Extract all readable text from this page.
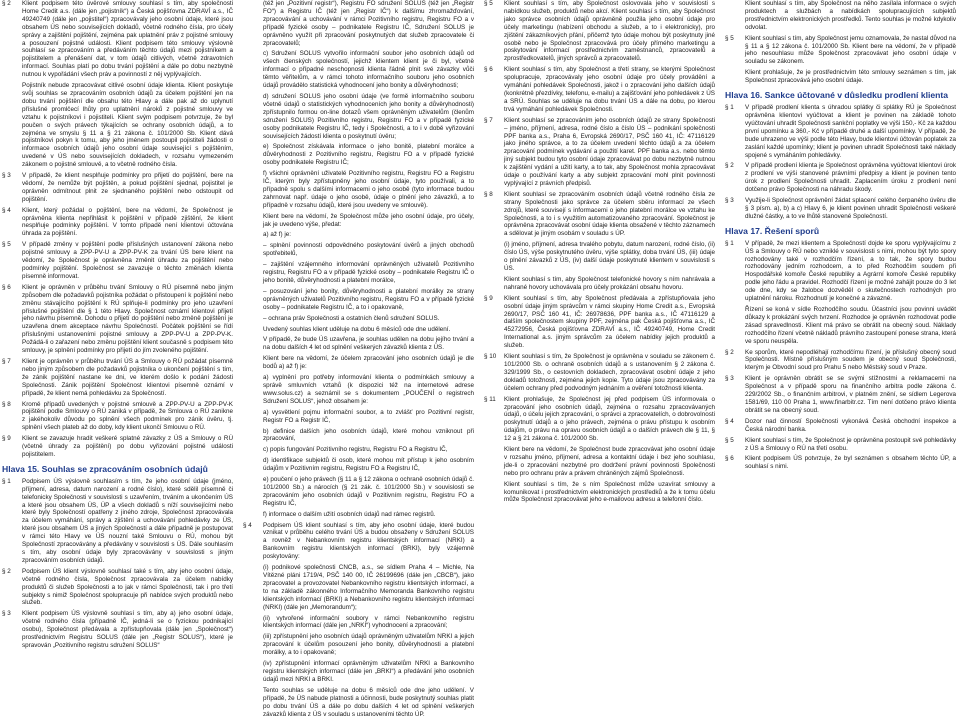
§ 2	Klient podpisem této úvěrové smlouvy souhlasí s tím, aby společnosti Home Credit a.s. (dále jen „pojistník“) a Česká pojišťovna ZDRAVÍ a.s., IČ 49240749 (dále jen „pojistitel“) zpracovávaly jeho osobní údaje, které jsou obsahem ÚS nebo souvisejících dokladů, včetně rodného čísla, pro účely správy a zajištění pojištění, zejména pak uplatnění práv z pojistné smlouvy a posouzení pojistné události. Klient podpisem této smlouvy výslovně souhlasí se zpracováním a předáváním těchto údajů mezi pojistníkem a pojistitelem a přenášení dat, v tom údajů citlivých, včetně zdravotních informací. Souhlas platí po dobu trvání pojištění a dále po dobu nezbytně nutnou k vypořádání všech práv a povinností z něj vyplývajících.
Pojistník nebude zpracovávat citlivé osobní údaje klienta. Klient poskytuje svůj souhlas se zpracováním osobních údajů za účelem pojištění jen na dobu trvání pojištění dle obsahu této Hlavy a dále pak až do uplynutí příslušné promlčecí lhůty pro uplatnění nároků z pojistné smlouvy ve vztahu k pojistníkovi i pojistiteli. Klient svým podpisem potvrzuje, že byl poučen o svých právech týkajících se ochrany osobních údajů, a to zejména ve smyslu § 11 a § 21 zákona č. 101/2000 Sb. Klient dává pojistníkovi pokyn k tomu, aby jeho jménem postoupil pojistiteli žádosti o informace osobních údajů jeho osobní údaje související s pojištěním, uvedené v ÚS nebo souvisejících dokladech, v rozsahu vymezeném zákonem o pojistné smlouvě, a to včetně rodného čísla.
§ 3	V případě, že klient nesplňuje podmínky pro přijetí do pojištění, bere na vědomí, že nemůže být pojištěn, a pokud pojištění sjednal, pojistitel je oprávněn odmítnout plnit ze sjednaného pojištění nebo odstoupit od pojištění.
§ 4	Klient, který požádal o pojištění, bere na vědomí, že Společnost je oprávněna klienta nepřihlásit k pojištění v případě zjištění, že klient nesplňuje podmínky pojištění. V tomto případě není klientovi účtována úhrada za pojištění.
§ 5	V případě změny v pojištění podle příslušných ustanovení zákona nebo pojistné smlouvy a ZPP-PV-U a ZPP-PV-K za trvání ÚS bere klient na vědomí, že Společnost je oprávněna změnit úhradu za pojištění nebo podmínky pojištění. Společnost se zavazuje o těchto změnách klienta písemně informovat.
§ 6	Klient je oprávněn v průběhu trvání Smlouvy o RÚ písemně nebo jiným způsobem dle požadavků pojistníka požádat o přistoupení k pojištění nebo změnu stávajícího pojištění k RÚ splňuje-li podmínky pro jeho uzavření příslušné pojištění dle § 1 této Hlavy. Společnost oznámí klientovi přijetí jeho návrhu písemně. Dohodu o přijetí do pojištění nebo změně pojištění je uzavřena dnem akceptace návrhu Společností. Počátek pojištění se řídí příslušnými ustanoveními pojistné smlouvy a ZPP-PV-U a ZPP-PV-K. Požádá-li o zařazení nebo změnu pojištění klient současně s podpisem této smlouvy, je splnění podmínky pro přijetí do jím zvoleného pojištění.
§ 7	Klient je oprávněn v průběhu trvání ÚS a Smlouvy o RÚ požádat písemně nebo jiným způsobem dle požadavků pojistníka o ukončení pojištění s tím, že zánik pojištění nastane ke dni, ve kterém došlo k podání žádosti Společnosti. Zánik pojištění Společnost klientovi písemně oznámí v případě, že klient nemá pohledávku za Společností.
§ 8	Kromě případů uvedených v pojistné smlouvě a ZPP-PV-U a ZPP-PV-K pojištění podle Smlouvy o RÚ zaniká v případě, že Smlouva o RÚ zanikne z jakéhokoliv důvodu po splnění všech podmínek pro zánik úvěru, tj. splnění všech plateb až do doby, kdy klient ukončí Smlouvu o RÚ.
§ 9	Klient se zavazuje hradit veškeré splatné závazky z ÚS a Smlouvy o RÚ (včetně úhrady za pojištění) po dobu vyřizování pojistné události pojistitelem.
Hlava 15. Souhlas se zpracováním osobních údajů
§ 1	Podpisem ÚS výslovně souhlasím s tím, že jeho osobní údaje (jméno, příjmení, adresa, datum narození a rodné číslo), které sdělil písemně či telefonicky Společnosti v souvislosti s uzavřením, trváním a ukončením ÚS a které jsou obsahem ÚS, ÚP a všech dokladů s níží souvisejícími nebo které byly Společností opatřeny z jiného zdroje, Společnost zpracovávala za účelem vymáhání, správy a zjištění a uchovávání pohledávky ze ÚS, které jsou obsahem ÚS a jiných Společností a dále případně je postupovat v rámci této Hlavy ve ÚS nouzní také Smlouvu o RÚ, mohou být Společností zpracovávány a předávány v souvislosti s ÚS. Dále souhlasím s tím, aby osobní údaje byly zpracovávány v souvislosti s jiným zpracováním osobních údajů.
§ 2	Podpisem ÚS klient výslovně souhlasí také s tím, aby jeho osobní údaje, včetně rodného čísla, Společnost zpracovávala za účelem nabídky produktů či služeb Společnosti a to jak v rámci Společnosti, tak i pro třetí subjekty s nimiž Společnost spolupracuje při nabídce svých produktů nebo služeb.
§ 3	Klient podpisem ÚS výslovně souhlasí s tím, aby a) jeho osobní údaje, včetně rodného čísla (případně IČ, jedná-li se o fyzickou podnikající osobu), Společnost předávala a zpřístupňovala (dále jen „Společnost“) prostřednictvím Registru SOLUS (dále jen „Registr SOLUS“), které je spravován „Pozitivního registru sdružení SOLUS“
(též jen „Pozitivní registr“), Registru FO sdružení SOLUS (též jen „Registr FO“) a Registru IČ (též jen „Registr IČ“) k dalšímu zhromažďování, zpracovávání a uchovávání v rámci Pozitivního registru, Registru FO a v případě fyzické osoby – podnikatele Registru IČ, Sdružení SOLUS je oprávněno využít při zpracování poskytnutých dat služeb zpracovatele či zpracovatelů;
c) Sdružení SOLUS vytvořilo informační soubor jeho osobních údajů od všech členských společností, jejichž klientem klient je či byl, včetně informací o případné neschopnosti klienta řádně plnit své závazky vůči těmto věřitelům, a v rámci tohoto informačního souboru jeho osobních údajů provádělo statistická vyhodnocení jeho bonity a důvěryhodnosti;
d) sdružení SOLUS jeho osobní údaje (ve formě informačního souboru včetně údajů o statistických vyhodnoceních jeho bonity a důvěryhodnosti) zpřístupnilo formou on-line dotazů všem oprávněným uživatelům (členům sdružení SOLUS) Pozitivního registru, Registru FO a v případě fyzické osoby podnikatele Registru IČ, tedy i Společnosti, a to i v době vyřizování souvisejících žádostí klienta o poskytnutí úvěru;
e) Společnost získávala informace o jeho bonitě, platební morálce a důvěryhodnosti z Pozitivního registru, Registru FO a v případě fyzické osoby podnikatele Registru IČ;
f) všichni oprávnění uživatelé Pozitivního registru, Registru FO a Registru IČ, kterým byly zpřístupněny jeho osobní údaje, tyto používali, a to případně spolu s dalšími informacemi o jeho osobě (tyto informace budou zahrnovat např. údaje o jeho osobě, údaje o plnění jeho závazků, a to případně v rozsahu údajů, které jsou uvedeny ve smlouvě).
Klient bere na vědomí, že Společnost může jeho osobní údaje, pro účely, jak je uvedeno výše, předat:
a) až f) je:
– splnění povinnosti odpovědného poskytování úvěrů a jiných obchodů spotřebitelů,
– zajištění vzájemného informování oprávněných uživatelů Pozitivního registru, Registru FO a v případě fyzické osoby – podnikatele Registru IČ o jeho bonitě, důvěryhodnosti a platební morálce,
– posuzování jeho bonity, důvěryhodnosti a platební morálky ze strany oprávněných uživatelů Pozitivního registru, Registru FO a v případě fyzické osoby – podnikatele Registru IČ, a to i opakovaně,
– ochrana práv Společnosti a ostatních členů sdružení SOLUS.
Uvedený souhlas klient uděluje na dobu 6 měsíců ode dne udělení.
V případě, že bude ÚS uzavřena, je souhlas udělen na dobu jejího trvání a na dobu dalších 4 let od splnění veškerých závazků klienta z ÚS.
Klient bere na vědomí, že účelem zpracování jeho osobních údajů je dle bodů a) až f) je:
a) vyplnění pro potřeby informování klienta o podmínkách smlouvy a správě smluvních vztahů (k dispozici též na internetové adrese www.solus.cz) a seznámil se s dokumentem „POUČENÍ o registrech Sdružení SOLUS“, jehož obsahem je:
a) vysvětlení pojmu informační soubor, a to zvlášť pro Pozitivní registr, Registr FO a Registr IČ,
b) definice dalších jeho osobních údajů, které mohou vzniknout při zpracování,
c) popis fungování Pozitivního registru, Registru FO a Registru IČ,
d) identifikace subjektů či osob, které mohou mít přístup k jeho osobním údajům v Pozitivním registru, Registru FO a Registru IČ,
e) poučení o jeho právech (§ 11 a § 12 zákona o ochraně osobních údajů č. 101/2000 Sb.) a nárocích (§ 21 zák. č. 101/2000 Sb.) v souvislosti se zpracováním jeho osobních údajů v Pozitivním registru, Registru FO a Registru IČ,
f) informace o dalším užití osobních údajů nad rámec registrů.
§ 4	Podpisem ÚS klient souhlasí s tím, aby jeho osobní údaje, které budou vznikat v průběhu celého trvání ÚS a budou obsaženy v Sdružení SOLUS a rovněž v Nebankovním registru klientských informací (NRKI) a Bankovním registru klientských informací (BRKI), byly vzájemně poskytovány:
(i) podnikové společnosti CNCB, a.s., se sídlem Praha 4 – Michle, Na Vítězné pláni 1719/4, PSČ 140 00, IČ 26199696 (dále jen „CBCB“), jako zpracovatel a provozovatel Nebankovního registru klientských informací, a to na základě zákonného Informačního Memoranda Bankovního registru klientských informací (BRKI) a Nebankovního registru klientských informací (NRKI) (dále jen „Memorandum“);
(ii) vytvořené informační soubory v rámci Nebankovního registru klientských informací (dále jen „NRKI“) vyhodnocení a zpracování;
(iii) zpřístupnění jeho osobních údajů oprávněným uživatelům NRKI a jejich zpracování k účelům posouzení jeho bonity, důvěryhodnosti a platební morálky, a to i opakovaně;
(iv) zpřístupnění informací oprávněným uživatelům NRKI a Bankovního registru klientských informací (dále jen „BRKI“) a předávání jeho osobních údajů mezi NRKI a BRKI.
Tento souhlas se uděluje na dobu 6 měsíců ode dne jeho udělení. V případě, že ÚS nabude platnosti a účinnosti, bude poskytnutý souhlas platit po dobu trvání ÚS a dále po dobu dalších 4 let od splnění veškerých závazků klienta z ÚS v souladu s ustanoveními těchto ÚP.
§ 5	Klient souhlasí s tím, aby Společnost oslovovala jeho v souvislosti s nabídkou služeb, produktů nebo akcí. Klient souhlasí s tím, aby Společnost jako správce osobních údajů oprávněně použila jeho osobní údaje pro účely marketingu (nabízení obchodu a služeb, a to i elektronicky), pro zjištění zákazníkových přání, přičemž tyto údaje mohou být poskytnuty jiné osobě nebo je Společnost zpracovává pro účely přímého marketingu a poskytování informací prostřednictvím zaměstnanců, zpracovatelů a zprostředkovatelů, jiných správců a zpracovatelů.
§ 6	Klient souhlasí s tím, aby Společnost a třetí strany, se kterými Společnost spolupracuje, zpracovávaly jeho osobní údaje pro účely provádění a vymáhání pohledávek Společnosti, jakož i o zpracování jeho dalších údajů (konkrétně přezdívky, telefonu, e-mailu) a zajišťování jeho pohledávek z ÚS a SRÚ. Souhlas se uděluje na dobu trvání ÚS a dále na dobu, po kterou trvá vymáhání pohledávek Společnosti.
§ 7	Klient souhlasí se zpracováním jeho osobních údajů ze strany Společnosti – jméno, příjmení, adresa, rodné číslo a číslo ÚS – podnikání společnosti PPF banka a.s., Praha 6, Evropská 2690/17, PSČ 160 41, IČ: 47116129 jako jiného správce, a to za účelem uvedení těchto údajů a za účelem zpracování podmínek vydávání a použití karet. PPF banka a.s. nebo těmto jiný subjekt budou tyto osobní údaje zpracovávat po dobu nezbytně nutnou k zajištění vydání a užití karty, a to tak, aby Společnost mohla zpracovávat údaje o používání karty a aby subjekt zpracování mohl plnit povinnosti vyplývající z právních předpisů.
§ 8	Klient souhlasí se zpracováním osobních údajů včetně rodného čísla ze strany Společnosti jako správce za účelem sběru informací ze všech zdrojů, které souvisejí s informacemi o jeho platební morálce ve vztahu ke Společnosti, a to i s využitím automatizovaného zpracování. Společnost je oprávněna zpracovávat osobní údaje klienta obsažené v těchto záznamech a sdělovat je jiným osobám v souladu s ÚP.
(i) jméno, příjmení, adresa trvalého pobytu, datum narození, rodné číslo, (ii) číslo ÚS, výše poskytnutého úvěru, výše splátky, doba trvání ÚS, (iii) údaje o plnění závazků z ÚS, (iv) další údaje poskytnuté klientem v souvislosti s ÚS.
Klient souhlasí s tím, aby Společnost telefonické hovory s ním nahrávala a nahrané hovory uchovávala pro účely prokázání obsahu hovoru.
§ 9	Klient souhlasí s tím, aby Společnost předávala a zpřístupňovala jeho osobní údaje jiným správcům v rámci skupiny Home Credit a.s., Evropská 2690/17, PSČ 160 41, IČ: 26978636, PPF banka a.s., IČ 47116129 a dalším společnostem skupiny PPF, zejména pak Česká pojišťovna a.s., IČ 45272956, Česká pojišťovna ZDRAVÍ a.s., IČ 49240749, Home Credit International a.s. jiným správcům za účelem nabídky jejich produktů a služeb.
§ 10	Klient souhlasí s tím, že Společnost je oprávněna v souladu se zákonem č. 101/2000 Sb. o ochraně osobních údajů a s ustanovením § 2 zákona č. 329/1999 Sb., o cestovních dokladech, zpracovávat osobní údaje z jeho dokladů totožnosti, zejména jejich kopie. Tyto údaje jsou zpracovávány za účelem ochrany před podvodným jednáním a ověření totožnosti klienta.
§ 11	Klient prohlašuje, že Společnost jej před podpisem ÚS informovala o zpracování jeho osobních údajů, zejména o rozsahu zpracovávaných údajů, o účelu jejich zpracování, o správci a zpracovatelích, o dobrovolnosti poskytnutí údajů a o jeho právech, zejména o právu přístupu k osobním údajům, o právu na opravu osobních údajů a o dalších právech dle § 11, § 12 a § 21 zákona č. 101/2000 Sb.
Klient bere na vědomí, že Společnost bude zpracovávat jeho osobní údaje v rozsahu jméno, příjmení, adresa a kontaktní údaje i bez jeho souhlasu, jde-li o zpracování nezbytné pro dodržení právní povinnosti Společnosti nebo pro ochranu práv a právem chráněných zájmů Společnosti.
Klient souhlasí s tím, že s ním Společnost může uzavírat smlouvy a komunikovat i prostřednictvím elektronických prostředků a že k tomu účelu může Společnost zpracovávat jeho e-mailovou adresu a telefonní číslo.
Klient souhlasí s tím, aby Společnost na něho zasílala informace o svých produktech a službách a nabídkách spolupracujících subjektů prostřednictvím elektronických prostředků. Tento souhlas je možné kdykoliv odvolat.
§ 5	Klient souhlasí s tím, aby Společnost jemu oznamovala, že nastal důvod na § 11 a § 12 zákona č. 101/2000 Sb. Klient bere na vědomí, že v případě jeho nesouhlasu může Společnost zpracovávat jeho osobní údaje v souladu se zákonem.
Klient prohlašuje, že je prostřednictvím této smlouvy seznámen s tím, jak Společnost zpracovává jeho osobní údaje.
Hlava 16. Sankce účtované v důsledku prodlení klienta
§ 1	V případě prodlení klienta s úhradou splátky či splátky RÚ je Společnost oprávněna klientovi vyúčtovat a klient je povinen na základě tohoto vyúčtování uhradit Společnosti sankční poplatky ve výši 150,- Kč za každou první upomínku a 360,- Kč v případě druhé a další upomínky. V případě, že bude uhrazeno ve výši podle této Hlavy, bude klientovi účtován poplatek za zaslání každé upomínky; klient je povinen uhradit Společnosti také náklady spojené s vymáháním pohledávky.
§ 2	V případě prodlení klienta je Společnost oprávněna vyúčtovat klientovi úrok z prodlení ve výši stanovené právními předpisy a klient je povinen tento úrok z prodlení Společnosti uhradit. Zaplacením úroku z prodlení není dotčeno právo Společnosti na náhradu škody.
§ 3	Využije-li Společnost oprávnění žádat splacení celého čerpaného úvěru dle § 3 písm. a), b) a c) Hlavy 6, je klient povinen uhradit Společnosti veškeré dlužné částky, a to ve lhůtě stanovené Společností.
Hlava 17. Řešení sporů
§ 1	V případě, že mezi klientem a Společností dojde ke sporu vyplývajícímu z ÚS a Smlouvy o RÚ nebo vzniklé v souvislosti s nimi, mohou být tyto spory rozhodovány také v rozhodčím řízení, a to tak, že spory budou rozhodovány jedním rozhodcem, a to před Rozhodčím soudem při Hospodářské komoře České republiky a Agrární komoře České republiky podle jeho řádu a pravidel. Rozhodčí řízení je možné zahájit pouze do 3 let ode dne, kdy se žalobce dozvěděl o skutečnostech rozhodných pro uplatnění nároku. Rozhodnutí je konečné a závazné.
Řízení se koná v sídle Rozhodčího soudu. Účastníci jsou povinni uvádět důkazy k prokázání svých tvrzení. Rozhodce je oprávněn rozhodovat podle zásad spravedlnosti. Klient má právo se obrátit na obecný soud. Náklady rozhodčího řízení včetně nákladů právního zastoupení ponese strana, která ve sporu neuspěla.
§ 2	Ke sporům, které nepodléhají rozhodčímu řízení, je příslušný obecný soud Společnosti. Místně příslušným soudem je obecný soud Společnosti, kterým je Obvodní soud pro Prahu 5 nebo Městský soud v Praze.
§ 3	Klient je oprávněn obrátit se se svými stížnostmi a reklamacemi na Společnost a v případě sporu na finančního arbitra podle zákona č. 229/2002 Sb., o finančním arbitrovi, v platném znění, se sídlem Legerova 1581/69, 110 00 Praha 1, www.finarbitr.cz. Tím není dotčeno právo klienta obrátit se na obecný soud.
§ 4	Dozor nad činností Společnosti vykonává Česká obchodní inspekce a Česká národní banka.
§ 5	Klient souhlasí s tím, že Společnost je oprávněna postoupit své pohledávky z ÚS a Smlouvy o RÚ na třetí osobu.
§ 6	Klient podpisem ÚS potvrzuje, že byl seznámen s obsahem těchto ÚP, a souhlasí s nimi.
